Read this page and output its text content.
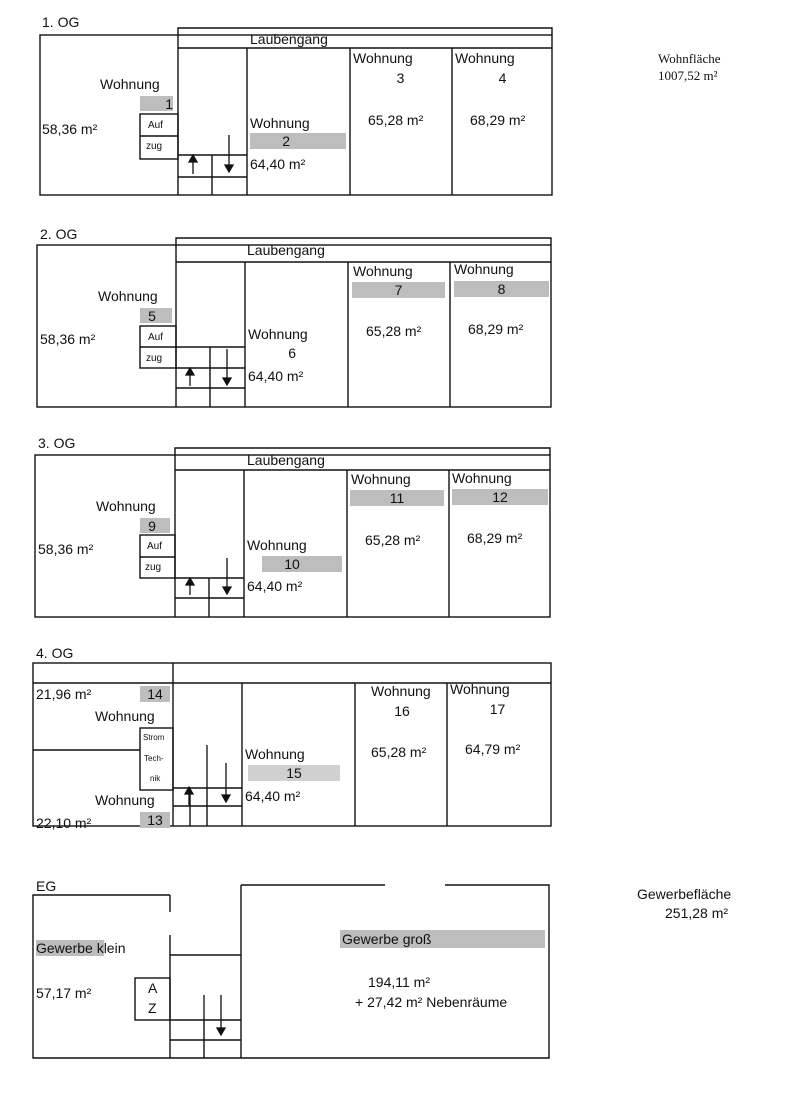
Wohnfläche
1007,52 m²
Gewerbefläche
251,28 m²
1. OG
Laubengang
Wohnung
1
58,36 m²	Auf
zug
Wohnung
2
64,40 m²
Wohnung
3
65,28 m²
Wohnung
4
68,29 m²
2. OG
Laubengang
Wohnung
5
58,36 m²	Auf
zug
Wohnung
6
64,40 m²
Wohnung
7
65,28 m²
Wohnung
8
68,29 m²
3. OG
Laubengang
Wohnung
9
58,36 m²	Auf
zug
Wohnung
10
64,40 m²
Wohnung
11
65,28 m²
Wohnung
12
68,29 m²
4. OG
21,96 m²	14
Wohnung
Strom
Tech-
nik
Wohnung
22,10 m²	13
Wohnung
15
64,40 m²
Wohnung
16
65,28 m²
Wohnung
17
64,79 m²
EG
Gewerbe klein
57,17 m²	A
Z
Gewerbe groß
194,11 m²
+ 27,42 m² Nebenräume
